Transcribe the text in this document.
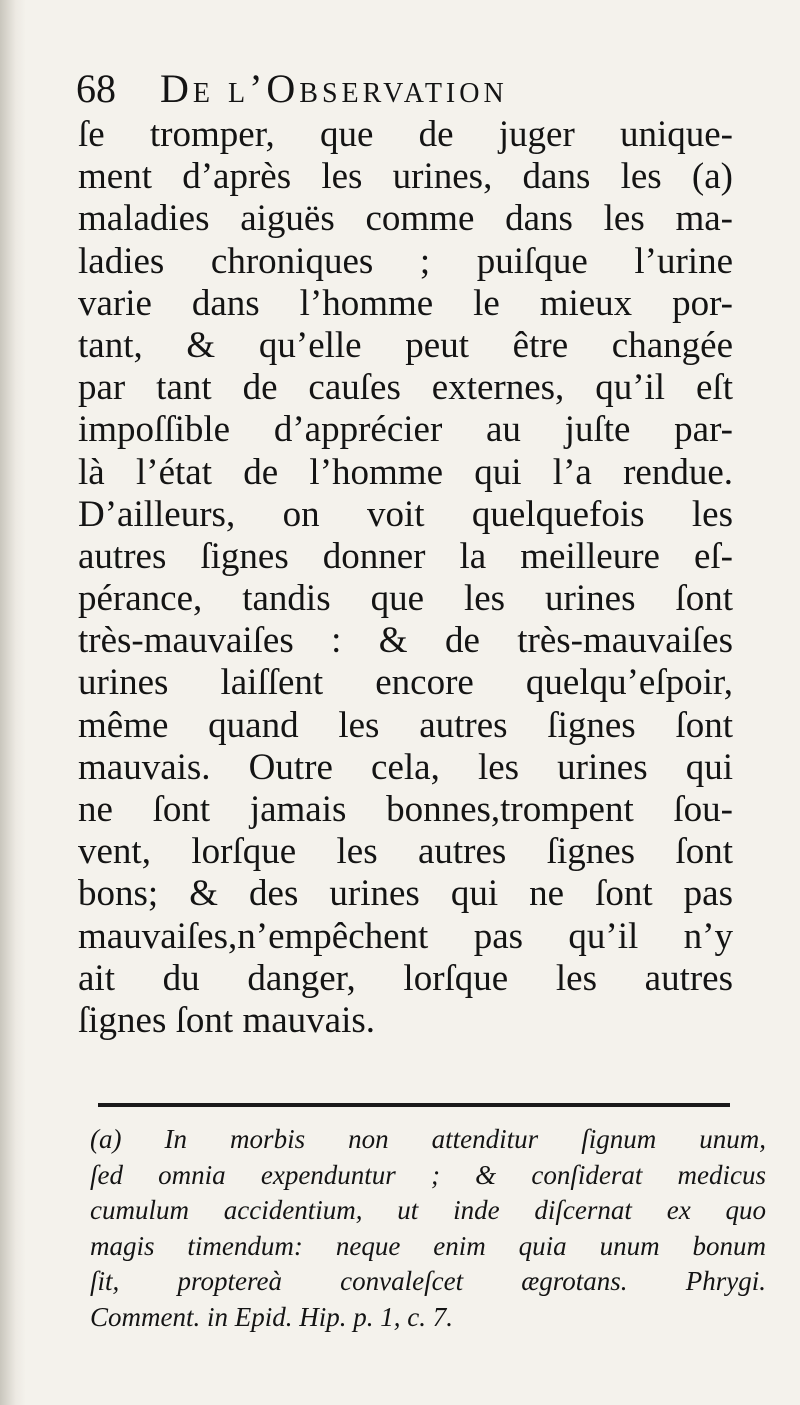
68 De l’Observation
ſe tromper, que de juger unique-
ment d’après les urines, dans les (a)
maladies aiguës comme dans les ma-
ladies chroniques ; puiſque l’urine
varie dans l’homme le mieux por-
tant, & qu’elle peut être changée
par tant de cauſes externes, qu’il eſt
impoſſible d’apprécier au juſte par-
là l’état de l’homme qui l’a rendue.
D’ailleurs, on voit quelquefois les
autres ſignes donner la meilleure eſ-
pérance, tandis que les urines ſont
très-mauvaiſes : & de très-mauvaiſes
urines laiſſent encore quelqu’eſpoir,
même quand les autres ſignes ſont
mauvais. Outre cela, les urines qui
ne ſont jamais bonnes,trompent ſou-
vent, lorſque les autres ſignes ſont
bons; & des urines qui ne ſont pas
mauvaiſes,n’empêchent pas qu’il n’y
ait du danger, lorſque les autres
ſignes ſont mauvais.
(a) In morbis non attenditur ſignum unum,
ſed omnia expenduntur ; & conſiderat medicus
cumulum accidentium, ut inde diſcernat ex quo
magis timendum: neque enim quia unum bonum
ſit, proptereà convaleſcet ægrotans. Phrygi.
Comment. in Epid. Hip. p. 1, c. 7.
